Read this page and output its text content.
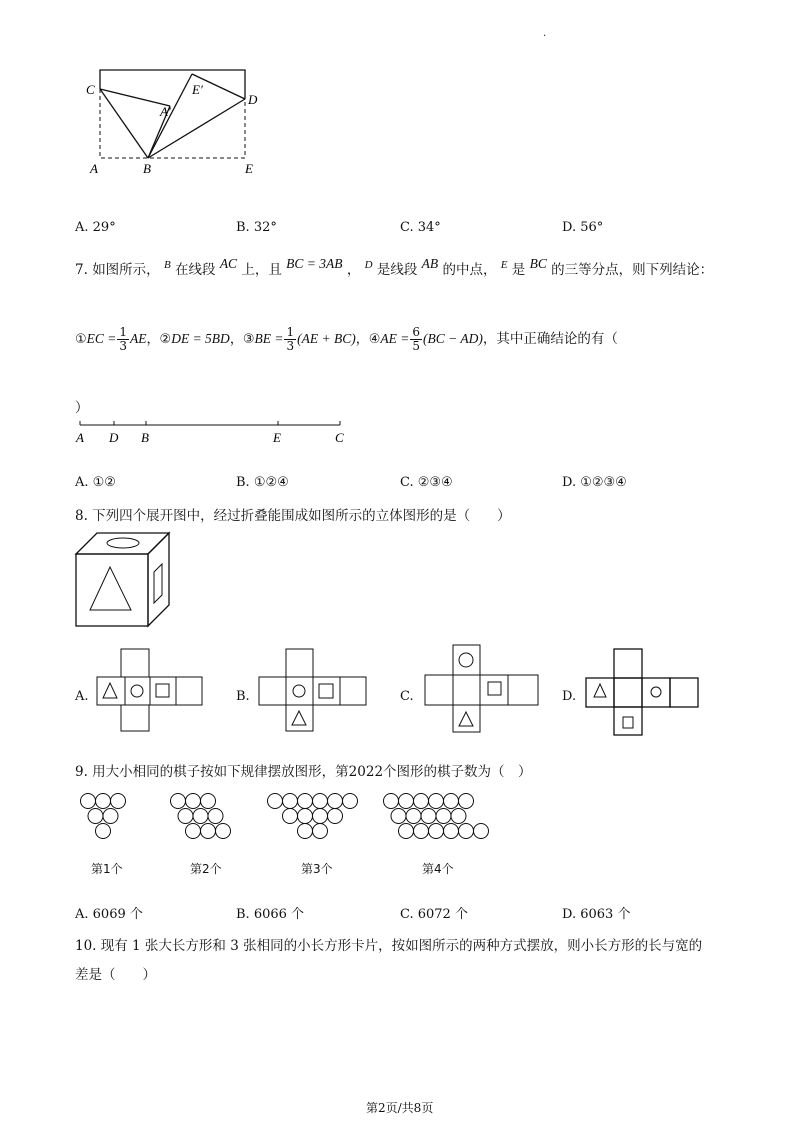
.
C
D
A	B	E
A′
E′
A. 29°	B. 32°	C. 34°	D. 56°
7. 如图所示， $^B$ 在线段 AC 上，且 BC = 3AB ， $^D$ 是线段 AB 的中点， $^E$ 是 BC 的三等分点，则下列结论：
①EC = $\frac{1}{3}$ AE，②DE = 5BD，③BE = $\frac{1}{3} (AE + BC)$，④AE = $\frac{6}{5} (BC - AD)$，其中正确结论的有（
）
A D B	E	C
A. ①②	B. ①②④	C. ②③④	D. ①②③④
8. 下列四个展开图中，经过折叠能围成如图所示的立体图形的是（　　）
A.	B.	C.	D.
9. 用大小相同的棋子按如下规律摆放图形，第2022个图形的棋子数为（　）
第1个	第2个	第3个	第4个
A. 6069 个	B. 6066 个	C. 6072 个	D. 6063 个
10. 现有 1 张大长方形和 3 张相同的小长方形卡片，按如图所示的两种方式摆放，则小长方形的长与宽的
差是（　　）
第2页/共8页
